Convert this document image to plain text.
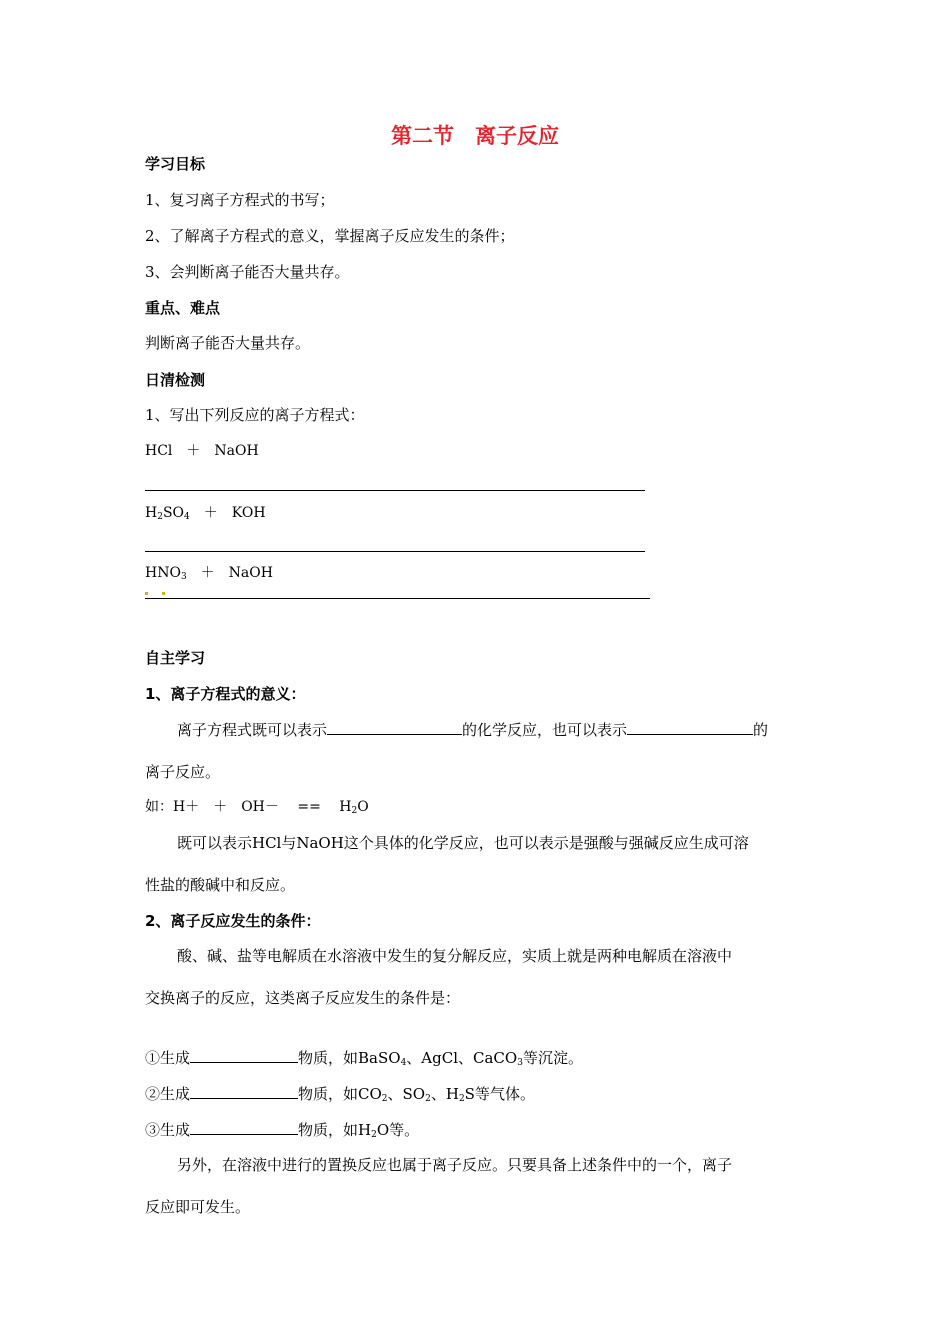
第二节　离子反应
学习目标
1、复习离子方程式的书写；
2、了解离子方程式的意义，掌握离子反应发生的条件；
3、会判断离子能否大量共存。
重点、难点
判断离子能否大量共存。
日清检测
1、写出下列反应的离子方程式：
HCl　＋　NaOH
$H_2SO_4$　＋　KOH
$HNO_3$　＋　NaOH
自主学习
1、离子方程式的意义：
离子方程式既可以表示	的化学反应，也可以表示	的
离子反应。
如：H＋　＋　OH－　 ==　 $H_2O$
既可以表示HCl与NaOH这个具体的化学反应，也可以表示是强酸与强碱反应生成可溶
性盐的酸碱中和反应。
2、离子反应发生的条件：
酸、碱、盐等电解质在水溶液中发生的复分解反应，实质上就是两种电解质在溶液中
交换离子的反应，这类离子反应发生的条件是：
①生成	物质，如BaSO$_4$、AgCl、CaCO$_3$等沉淀。
②生成	物质，如$CO_2$、$SO_2$、$H_2S$等气体。
③生成	物质，如$H_2O$等。
另外，在溶液中进行的置换反应也属于离子反应。只要具备上述条件中的一个，离子
反应即可发生。
